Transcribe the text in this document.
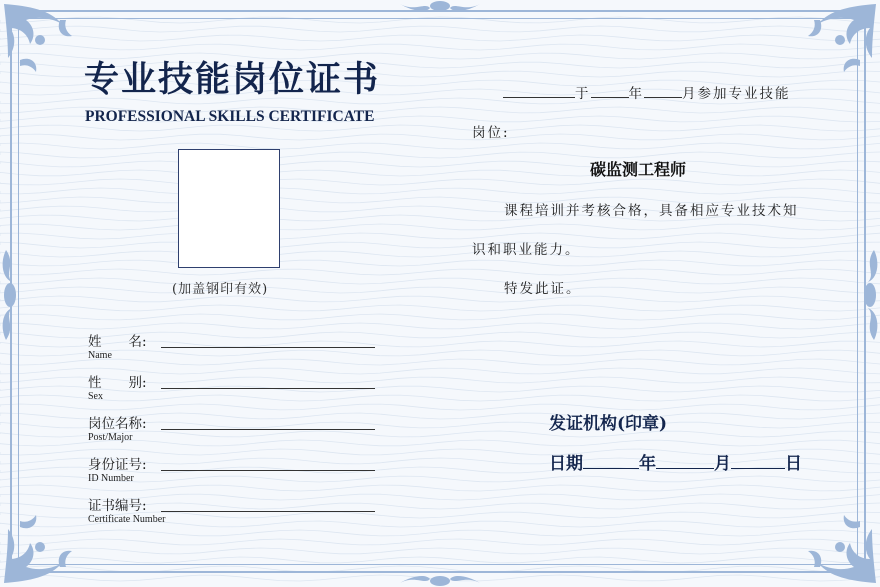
专业技能岗位证书
PROFESSIONAL SKILLS CERTIFICATE
(加盖钢印有效)
姓　　名:
Name
性　　别:
Sex
岗位名称:
Post/Major
身份证号:
ID Number
证书编号:
Certificate Number
于	年	月参加专业技能
岗位:
碳监测工程师
课程培训并考核合格，具备相应专业技术知
识和职业能力。
特发此证。
发证机构(印章)
日期	年	月	日
